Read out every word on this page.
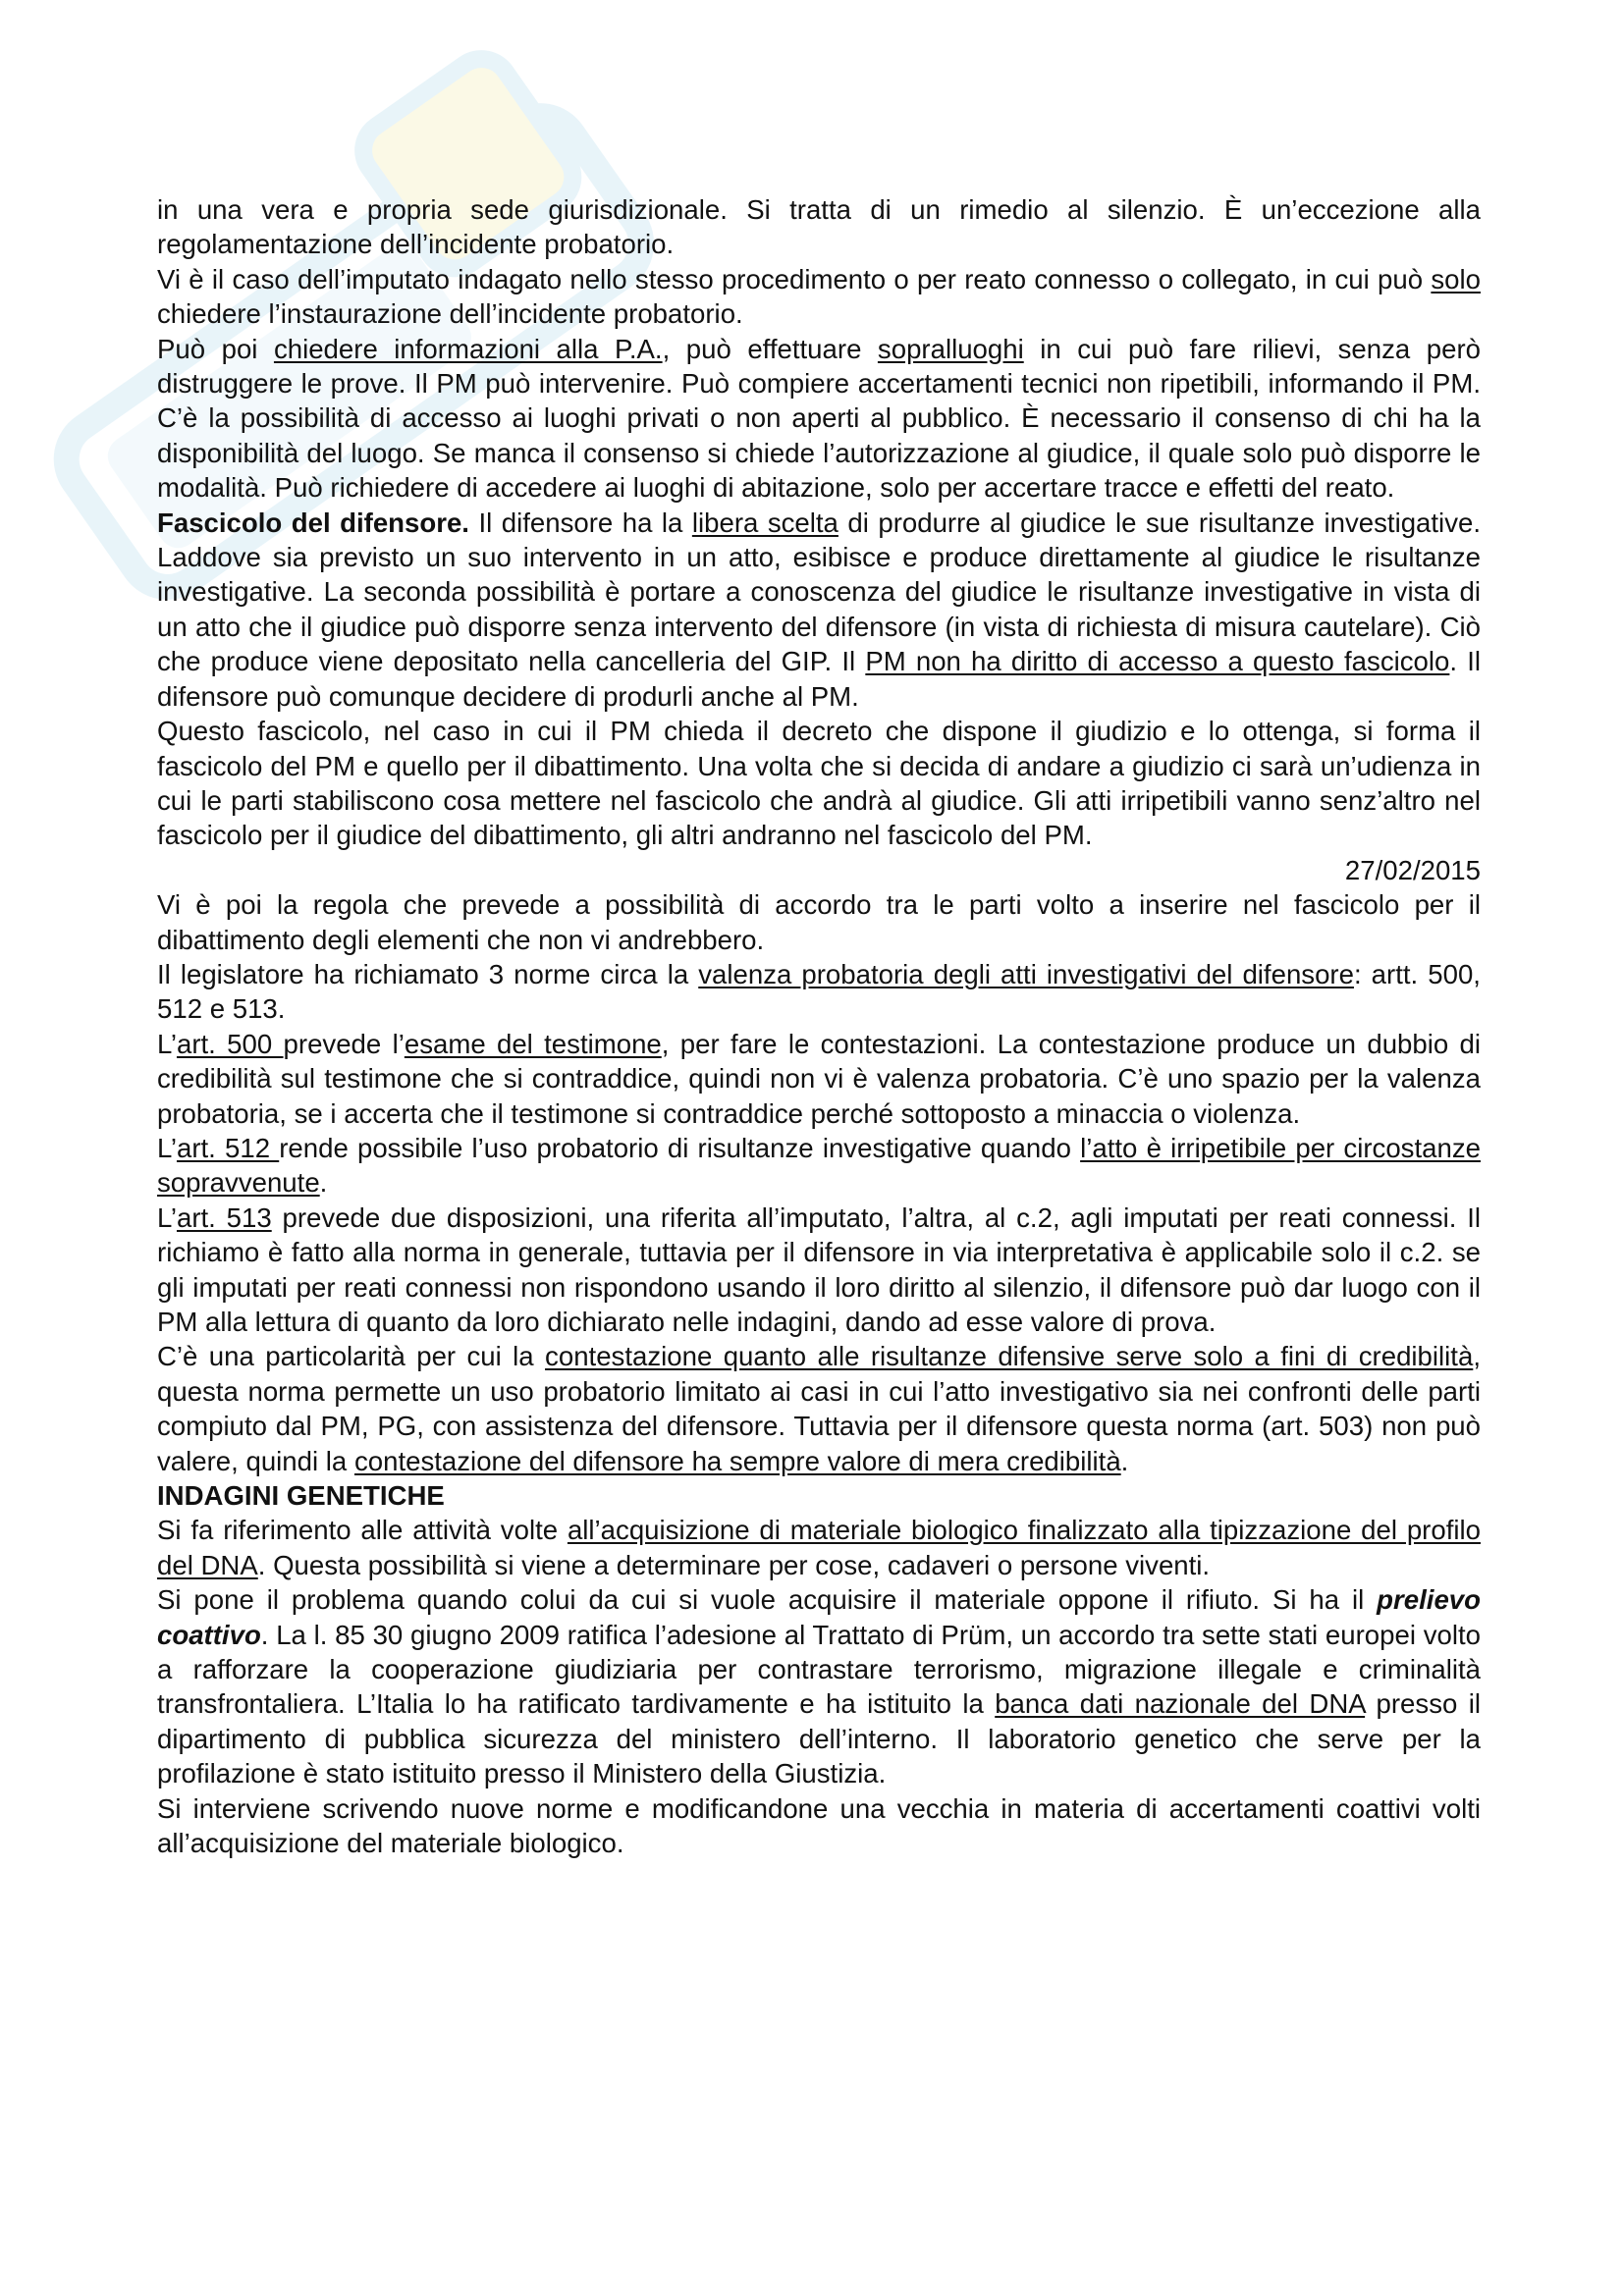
in una vera e propria sede giurisdizionale. Si tratta di un rimedio al silenzio. È un’eccezione alla regolamentazione dell’incidente probatorio.

Vi è il caso dell’imputato indagato nello stesso procedimento o per reato connesso o collegato, in cui può solo chiedere l’instaurazione dell’incidente probatorio.

Può poi chiedere informazioni alla P.A., può effettuare sopralluoghi in cui può fare rilievi, senza però distruggere le prove. Il PM può intervenire. Può compiere accertamenti tecnici non ripetibili, informando il PM. C’è la possibilità di accesso ai luoghi privati o non aperti al pubblico. È necessario il consenso di chi ha la disponibilità del luogo. Se manca il consenso si chiede l’autorizzazione al giudice, il quale solo può disporre le modalità. Può richiedere di accedere ai luoghi di abitazione, solo per accertare tracce e effetti del reato.

Fascicolo del difensore. Il difensore ha la libera scelta di produrre al giudice le sue risultanze investigative. Laddove sia previsto un suo intervento in un atto, esibisce e produce direttamente al giudice le risultanze investigative. La seconda possibilità è portare a conoscenza del giudice le risultanze investigative in vista di un atto che il giudice può disporre senza intervento del difensore (in vista di richiesta di misura cautelare). Ciò che produce viene depositato nella cancelleria del GIP. Il PM non ha diritto di accesso a questo fascicolo. Il difensore può comunque decidere di produrli anche al PM.

Questo fascicolo, nel caso in cui il PM chieda il decreto che dispone il giudizio e lo ottenga, si forma il fascicolo del PM e quello per il dibattimento. Una volta che si decida di andare a giudizio ci sarà un’udienza in cui le parti stabiliscono cosa mettere nel fascicolo che andrà al giudice. Gli atti irripetibili vanno senz’altro nel fascicolo per il giudice del dibattimento, gli altri andranno nel fascicolo del PM.

27/02/2015

Vi è poi la regola che prevede a possibilità di accordo tra le parti volto a inserire nel fascicolo per il dibattimento degli elementi che non vi andrebbero.

Il legislatore ha richiamato 3 norme circa la valenza probatoria degli atti investigativi del difensore: artt. 500, 512 e 513.

L’art. 500 prevede l’esame del testimone, per fare le contestazioni. La contestazione produce un dubbio di credibilità sul testimone che si contraddice, quindi non vi è valenza probatoria. C’è uno spazio per la valenza probatoria, se i accerta che il testimone si contraddice perché sottoposto a minaccia o violenza.

L’art. 512 rende possibile l’uso probatorio di risultanze investigative quando l’atto è irripetibile per circostanze sopravvenute.

L’art. 513 prevede due disposizioni, una riferita all’imputato, l’altra, al c.2, agli imputati per reati connessi. Il richiamo è fatto alla norma in generale, tuttavia per il difensore in via interpretativa è applicabile solo il c.2. se gli imputati per reati connessi non rispondono usando il loro diritto al silenzio, il difensore può dar luogo con il PM alla lettura di quanto da loro dichiarato nelle indagini, dando ad esse valore di prova.

C’è una particolarità per cui la contestazione quanto alle risultanze difensive serve solo a fini di credibilità, questa norma permette un uso probatorio limitato ai casi in cui l’atto investigativo sia nei confronti delle parti compiuto dal PM, PG, con assistenza del difensore. Tuttavia per il difensore questa norma (art. 503) non può valere, quindi la contestazione del difensore ha sempre valore di mera credibilità.

INDAGINI GENETICHE

Si fa riferimento alle attività volte all’acquisizione di materiale biologico finalizzato alla tipizzazione del profilo del DNA. Questa possibilità si viene a determinare per cose, cadaveri o persone viventi.

Si pone il problema quando colui da cui si vuole acquisire il materiale oppone il rifiuto. Si ha il prelievo coattivo. La l. 85 30 giugno 2009 ratifica l’adesione al Trattato di Prüm, un accordo tra sette stati europei volto a rafforzare la cooperazione giudiziaria per contrastare terrorismo, migrazione illegale e criminalità transfrontaliera. L’Italia lo ha ratificato tardivamente e ha istituito la banca dati nazionale del DNA presso il dipartimento di pubblica sicurezza del ministero dell’interno. Il laboratorio genetico che serve per la profilazione è stato istituito presso il Ministero della Giustizia.

Si interviene scrivendo nuove norme e modificandone una vecchia in materia di accertamenti coattivi volti all’acquisizione del materiale biologico.
